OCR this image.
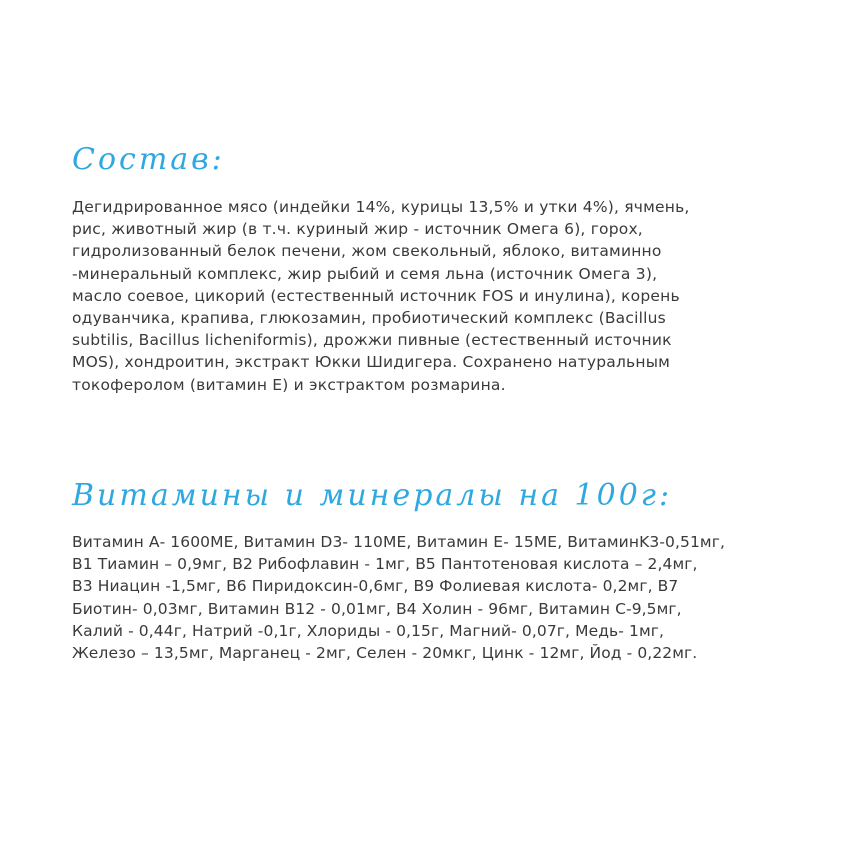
Состав:

Дегидрированное мясо (индейки 14%, курицы 13,5% и утки 4%), ячмень,
рис, животный жир (в т.ч. куриный жир - источник Омега 6), горох,
гидролизованный белок печени, жом свекольный, яблоко, витаминно
-минеральный комплекс, жир рыбий и семя льна (источник Омега 3),
масло соевое, цикорий (естественный источник FOS и инулина), корень
одуванчика, крапива, глюкозамин, пробиотический комплекс (Bacillus
subtilis, Bacillus licheniformis), дрожжи пивные (естественный источник
MOS), хондроитин, экстракт Юкки Шидигера. Сохранено натуральным
токоферолом (витамин Е) и экстрактом розмарина.

Витамины и минералы на 100г:

Витамин А- 1600МЕ, Витамин D3- 110МЕ, Витамин Е- 15МЕ, ВитаминK3-0,51мг,
B1 Тиамин – 0,9мг, B2 Рибофлавин - 1мг, B5 Пантотеновая кислота – 2,4мг,
B3 Ниацин -1,5мг, B6 Пиридоксин-0,6мг, B9 Фолиевая кислота- 0,2мг, B7
Биотин- 0,03мг, Витамин B12 - 0,01мг, B4 Холин - 96мг, Витамин С-9,5мг,
Калий - 0,44г, Натрий -0,1г, Хлориды - 0,15г, Магний- 0,07г, Медь- 1мг,
Железо – 13,5мг, Марганец - 2мг, Селен - 20мкг, Цинк - 12мг, Йод - 0,22мг.
